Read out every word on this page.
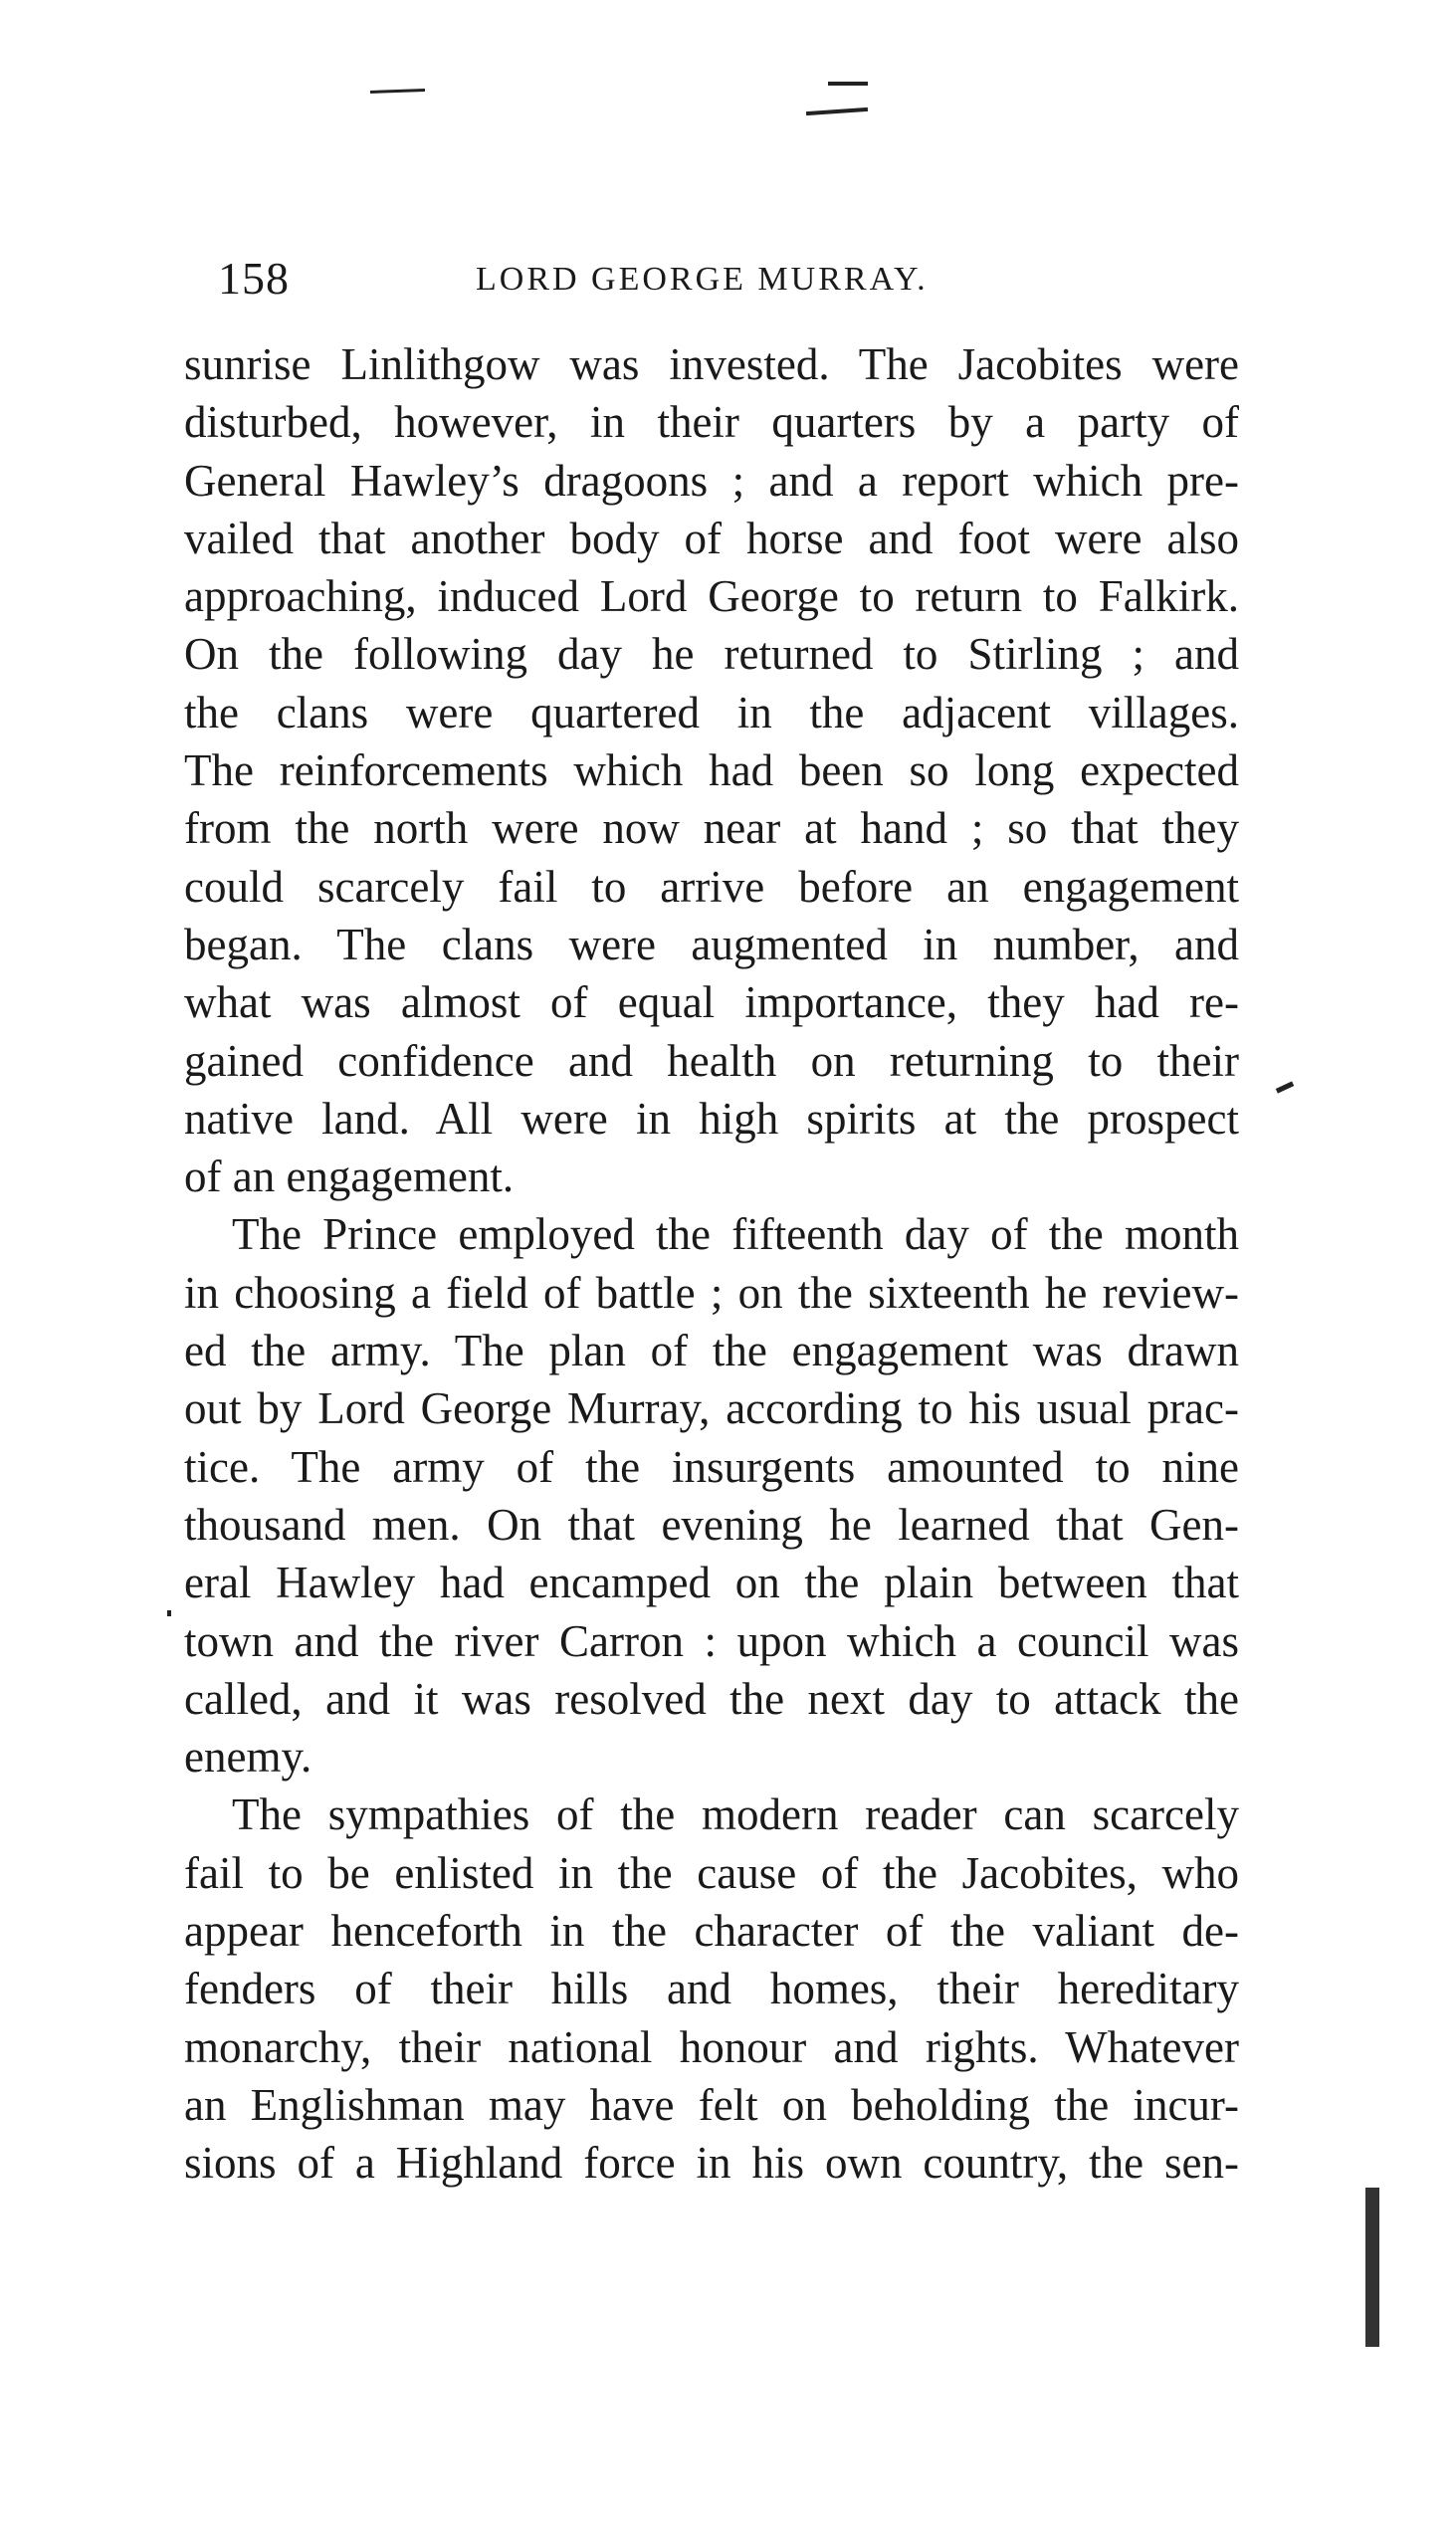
158	LORD GEORGE MURRAY.
sunrise Linlithgow was invested. The Jacobites were
disturbed, however, in their quarters by a party of
General Hawley’s dragoons ; and a report which pre-
vailed that another body of horse and foot were also
approaching, induced Lord George to return to Falkirk.
On the following day he returned to Stirling ; and
the clans were quartered in the adjacent villages.
The reinforcements which had been so long expected
from the north were now near at hand ; so that they
could scarcely fail to arrive before an engagement
began. The clans were augmented in number, and
what was almost of equal importance, they had re-
gained confidence and health on returning to their
native land. All were in high spirits at the prospect
of an engagement.
The Prince employed the fifteenth day of the month
in choosing a field of battle ; on the sixteenth he review-
ed the army. The plan of the engagement was drawn
out by Lord George Murray, according to his usual prac-
tice. The army of the insurgents amounted to nine
thousand men. On that evening he learned that Gen-
eral Hawley had encamped on the plain between that
town and the river Carron : upon which a council was
called, and it was resolved the next day to attack the
enemy.
The sympathies of the modern reader can scarcely
fail to be enlisted in the cause of the Jacobites, who
appear henceforth in the character of the valiant de-
fenders of their hills and homes, their hereditary
monarchy, their national honour and rights. Whatever
an Englishman may have felt on beholding the incur-
sions of a Highland force in his own country, the sen-
